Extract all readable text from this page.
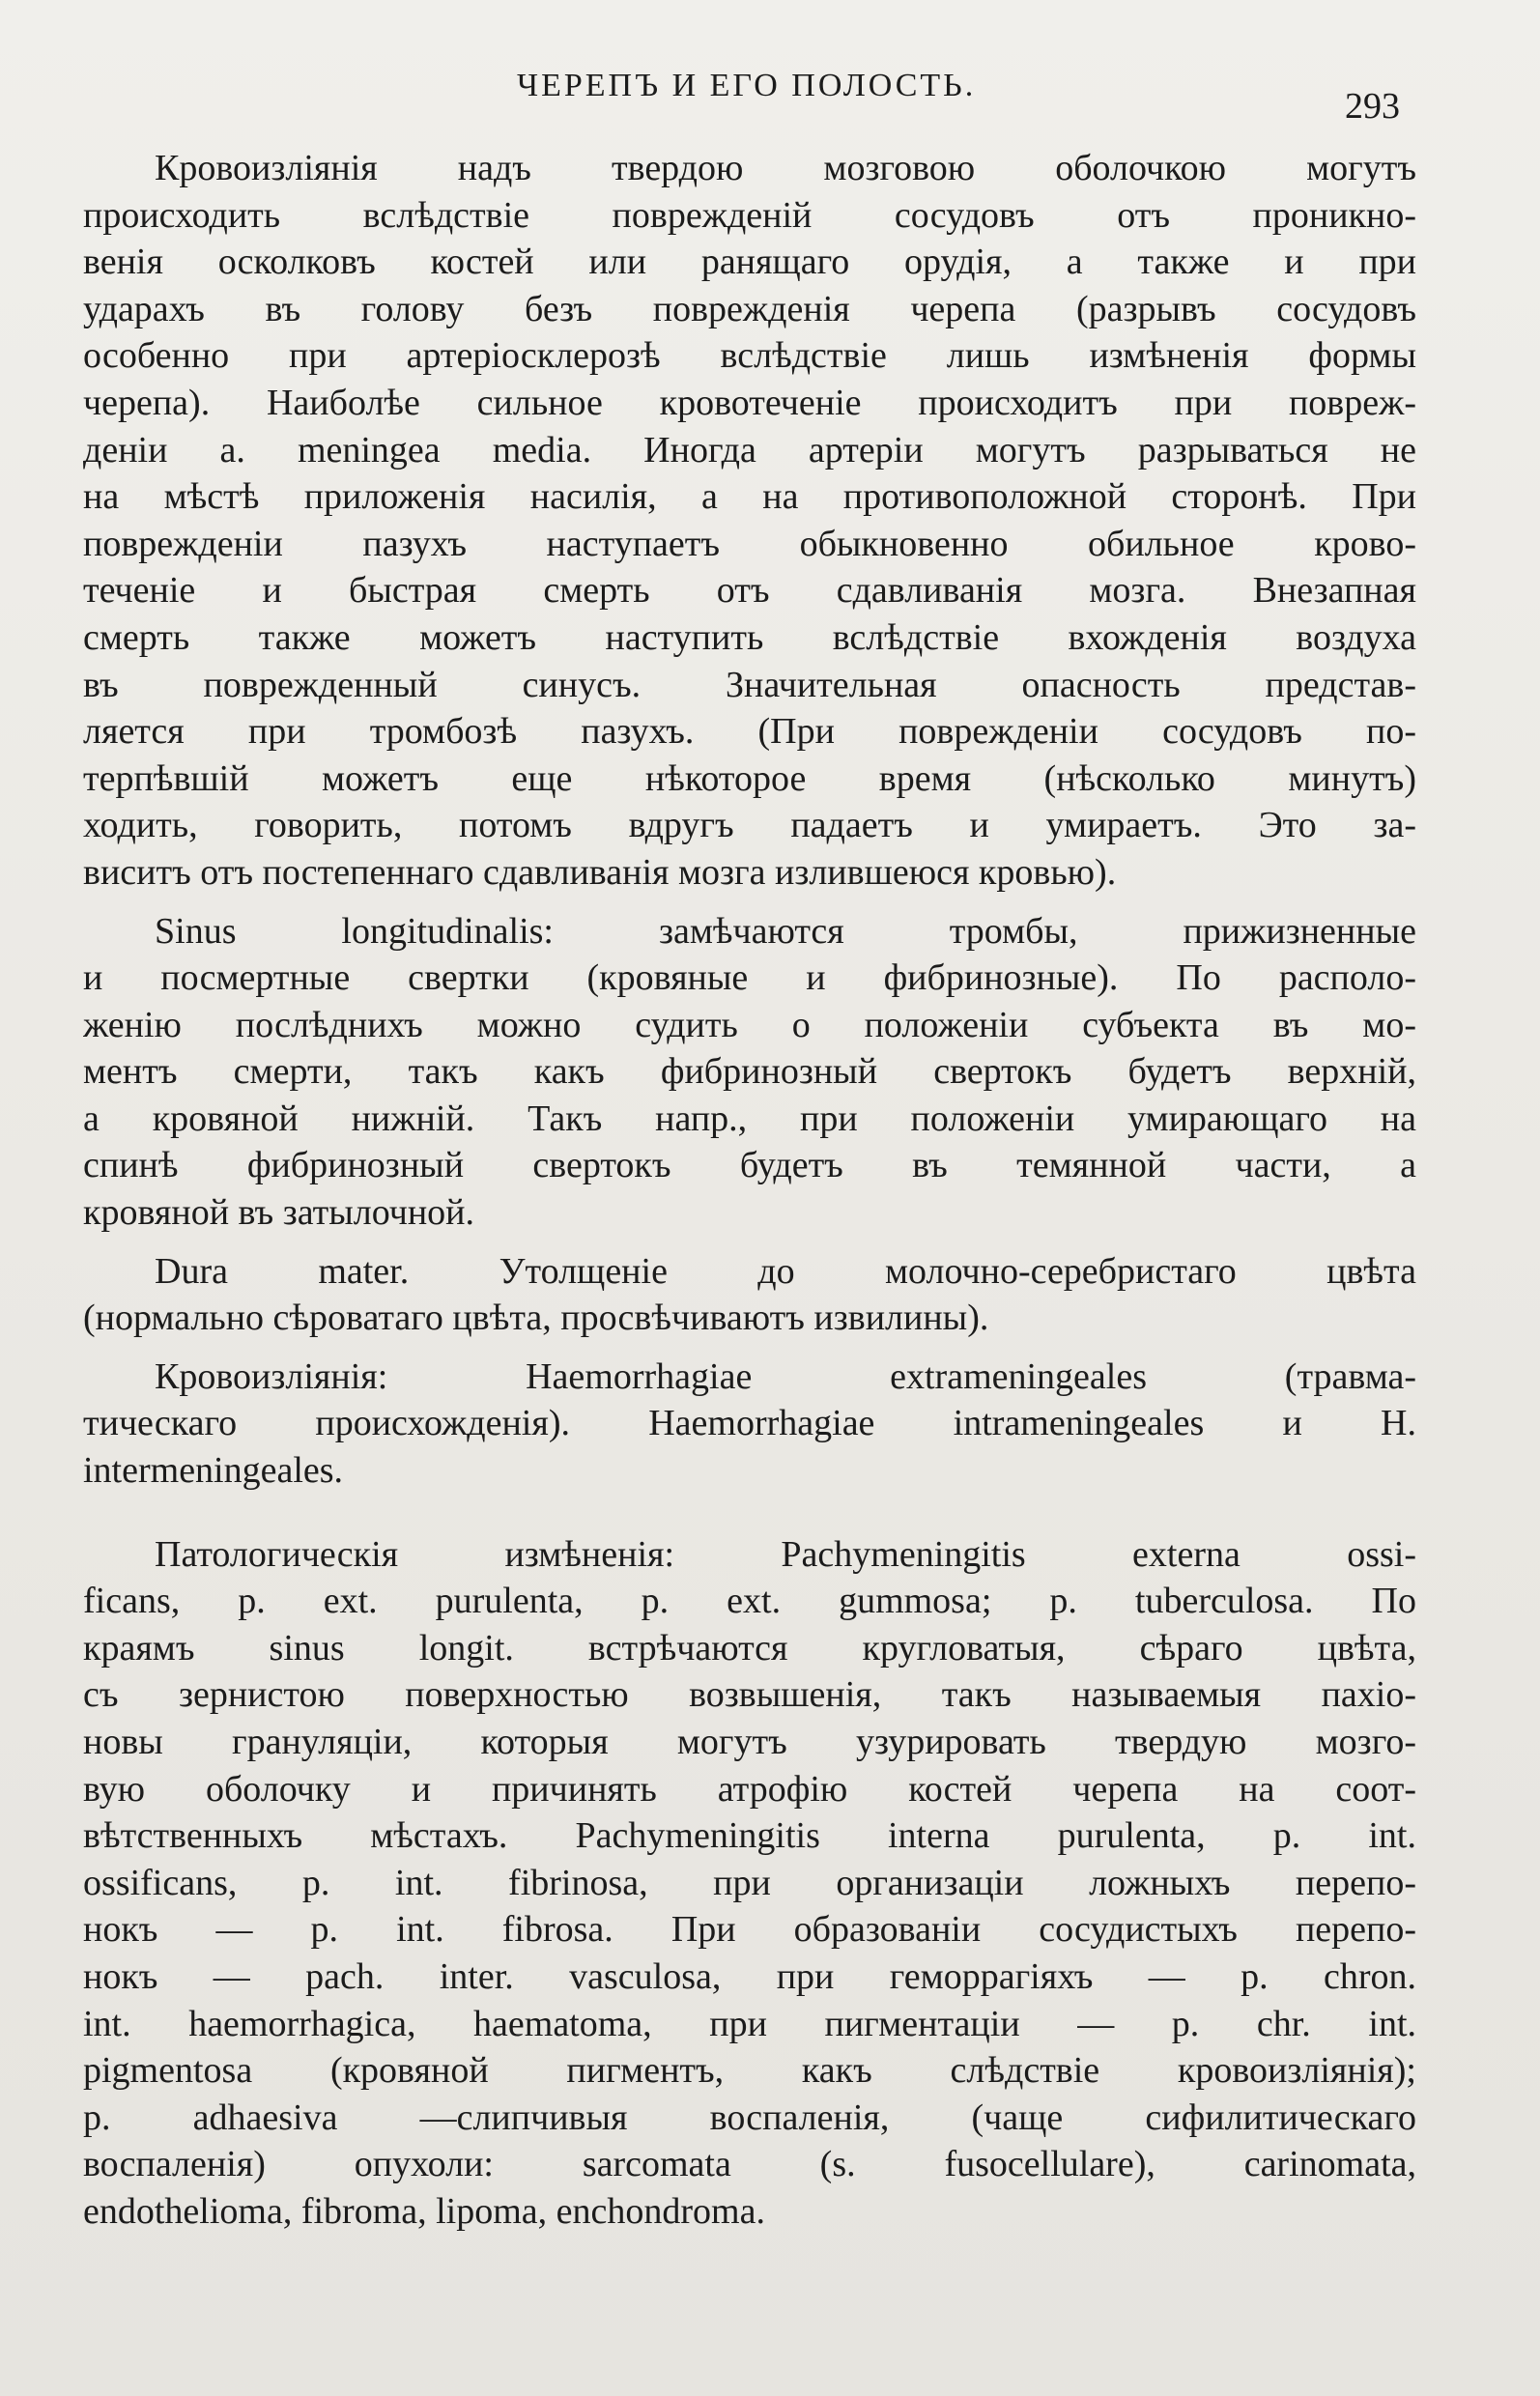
ЧЕРЕПЪ И ЕГО ПОЛОСТЬ.
293
Кровоизліянія надъ твердою мозговою оболочкою могутъ
происходить вслѣдствіе поврежденій сосудовъ отъ проникно-
венія осколковъ костей или ранящаго орудія, а также и при
ударахъ въ голову безъ поврежденія черепа (разрывъ сосудовъ
особенно при артеріосклерозѣ вслѣдствіе лишь измѣненія формы
черепа). Наиболѣе сильное кровотеченіе происходитъ при повреж-
деніи а. meningea media. Иногда артеріи могутъ разрываться не
на мѣстѣ приложенія насилія, а на противоположной сторонѣ. При
поврежденіи пазухъ наступаетъ обыкновенно обильное крово-
теченіе и быстрая смерть отъ сдавливанія мозга. Внезапная
смерть также можетъ наступить вслѣдствіе вхожденія воздуха
въ поврежденный синусъ. Значительная опасность представ-
ляется при тромбозѣ пазухъ. (При поврежденіи сосудовъ по-
терпѣвшій можетъ еще нѣкоторое время (нѣсколько минутъ)
ходить, говорить, потомъ вдругъ падаетъ и умираетъ. Это за-
виситъ отъ постепеннаго сдавливанія мозга излившеюся кровью).
Sinus longitudinalis: замѣчаются тромбы, прижизненные
и посмертные свертки (кровяные и фибринозные). По располо-
женію послѣднихъ можно судить о положеніи субъекта въ мо-
ментъ смерти, такъ какъ фибринозный свертокъ будетъ верхній,
а кровяной нижній. Такъ напр., при положеніи умирающаго на
спинѣ фибринозный свертокъ будетъ въ темянной части, а
кровяной въ затылочной.
Dura mater. Утолщеніе до молочно-серебристаго цвѣта
(нормально сѣроватаго цвѣта, просвѣчиваютъ извилины).
Кровоизліянія: Haemorrhagiae extrameningeales (травма-
тическаго происхожденія). Haemorrhagiae intrameningeales и H.
intermeningeales.
Патологическія измѣненія: Pachymeningitis externa ossi-
ficans, p. ext. purulenta, p. ext. gummosa; p. tuberculosa. По
краямъ sinus longit. встрѣчаются кругловатыя, сѣраго цвѣта,
съ зернистою поверхностью возвышенія, такъ называемыя пахіо-
новы грануляціи, которыя могутъ узурировать твердую мозго-
вую оболочку и причинять атрофію костей черепа на соот-
вѣтственныхъ мѣстахъ. Pachymeningitis interna purulenta, p. int.
ossificans, p. int. fibrinosa, при организаціи ложныхъ перепо-
нокъ — p. int. fibrosa. При образованіи сосудистыхъ перепо-
нокъ — pach. inter. vasculosa, при геморрагіяхъ — p. chron.
int. haemorrhagica, haematoma, при пигментаціи — p. chr. int.
pigmentosa (кровяной пигментъ, какъ слѣдствіе кровоизліянія);
p. adhaesiva —слипчивыя воспаленія, (чаще сифилитическаго
воспаленія) опухоли: sarcomata (s. fusocellulare), carinomata,
endothelioma, fibroma, lipoma, enchondroma.
